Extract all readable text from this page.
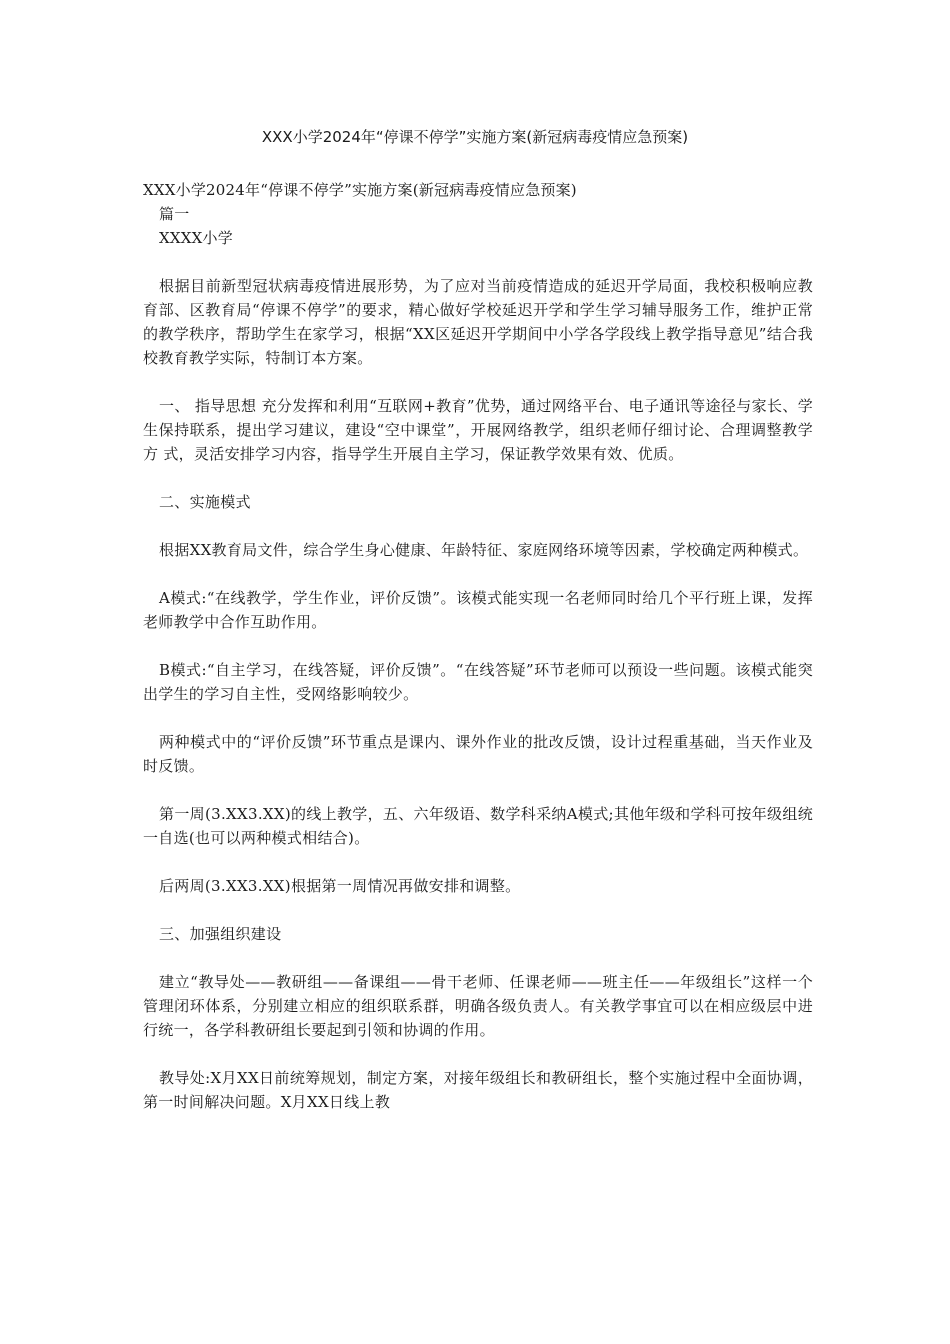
XXX小学2024年“停课不停学”实施方案(新冠病毒疫情应急预案)

XXX小学2024年“停课不停学”实施方案(新冠病毒疫情应急预案)

篇一

XXXX小学

根据目前新型冠状病毒疫情进展形势，为了应对当前疫情造成的延迟开学局面，我校积极响应教育部、区教育局“停课不停学”的要求，精心做好学校延迟开学和学生学习辅导服务工作，维护正常的教学秩序，帮助学生在家学习，根据“XX区延迟开学期间中小学各学段线上教学指导意见”结合我校教育教学实际，特制订本方案。

一、 指导思想 充分发挥和利用“互联网+教育”优势，通过网络平台、电子通讯等途径与家长、学生保持联系，提出学习建议，建设“空中课堂”，开展网络教学，组织老师仔细讨论、合理调整教学方 式，灵活安排学习内容，指导学生开展自主学习，保证教学效果有效、优质。

二、实施模式

根据XX教育局文件，综合学生身心健康、年龄特征、家庭网络环境等因素，学校确定两种模式。

A模式:“在线教学，学生作业，评价反馈”。该模式能实现一名老师同时给几个平行班上课，发挥老师教学中合作互助作用。

B模式:“自主学习，在线答疑，评价反馈”。“在线答疑”环节老师可以预设一些问题。该模式能突出学生的学习自主性，受网络影响较少。

两种模式中的“评价反馈”环节重点是课内、课外作业的批改反馈，设计过程重基础，当天作业及时反馈。

第一周(3.XX3.XX)的线上教学，五、六年级语、数学科采纳A模式;其他年级和学科可按年级组统一自选(也可以两种模式相结合)。

后两周(3.XX3.XX)根据第一周情况再做安排和调整。

三、加强组织建设

建立“教导处——教研组——备课组——骨干老师、任课老师——班主任——年级组长”这样一个管理闭环体系，分别建立相应的组织联系群，明确各级负责人。有关教学事宜可以在相应级层中进行统一，各学科教研组长要起到引领和协调的作用。

教导处:X月XX日前统筹规划，制定方案，对接年级组长和教研组长，整个实施过程中全面协调，第一时间解决问题。X月XX日线上教
